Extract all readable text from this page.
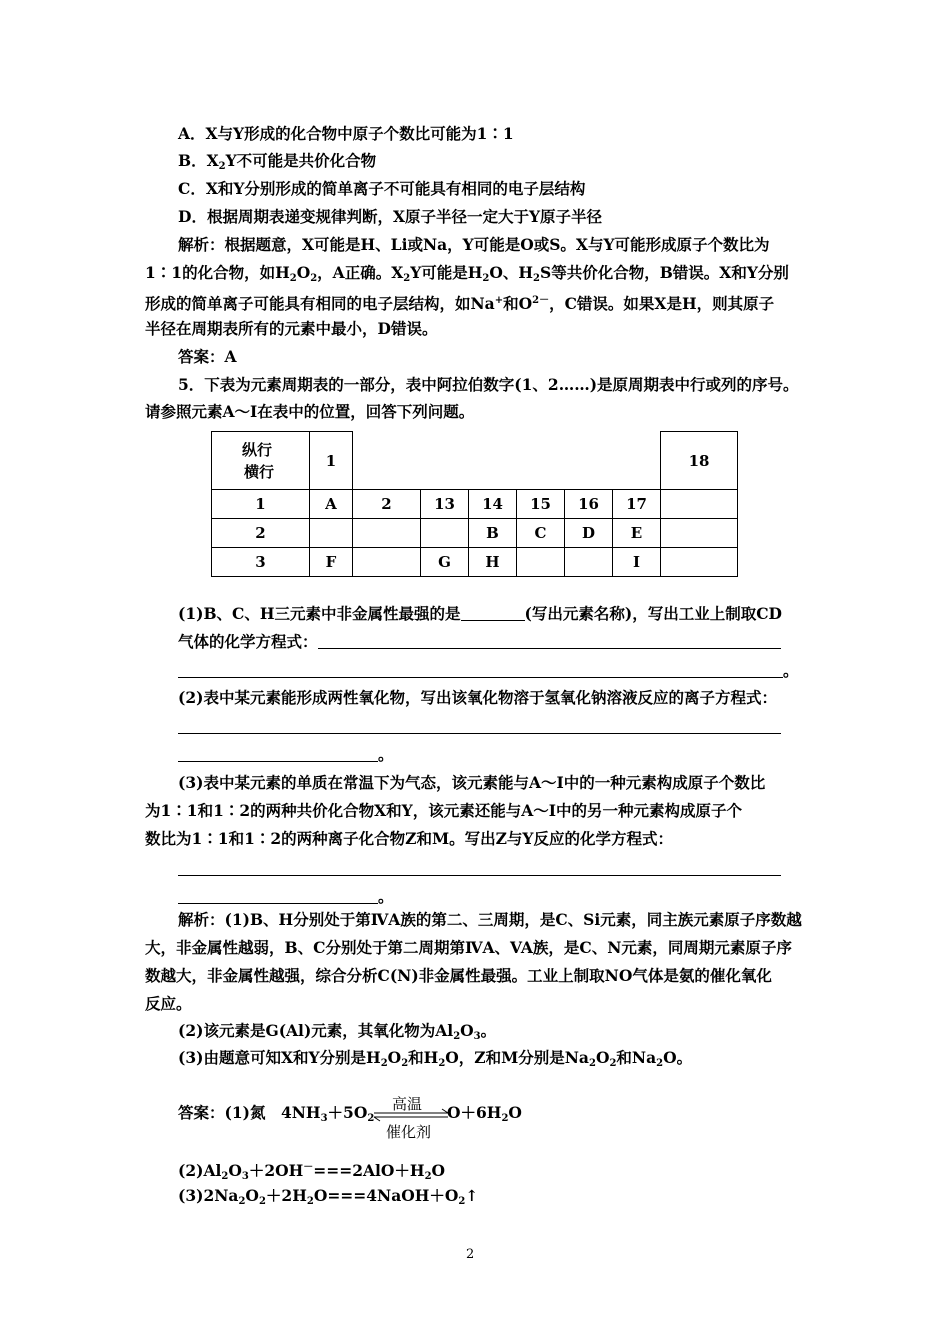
A．X与Y形成的化合物中原子个数比可能为1∶1
B．$X_2Y$不可能是共价化合物
C．X和Y分别形成的简单离子不可能具有相同的电子层结构
D．根据周期表递变规律判断，X原子半径一定大于Y原子半径
解析：根据题意，X可能是H、Li或Na，Y可能是O或S。X与Y可能形成原子个数比为
1∶1的化合物，如$H_2O_2$，A正确。$X_2Y$可能是$H_2O$、$H_2S$等共价化合物，B错误。X和Y分别
形成的简单离子可能具有相同的电子层结构，如Na+和$O^{2-}$，C错误。如果X是H，则其原子
半径在周期表所有的元素中最小，D错误。
答案：A
5．下表为元素周期表的一部分，表中阿拉伯数字(1、2……)是原周期表中行或列的序号。
请参照元素A～I在表中的位置，回答下列问题。
纵行
横行	1							18
1	A	2	13	14	15	16	17	
2				B	C	D	E	
3	F		G	H			I	
(1)B、C、H三元素中非金属性最强的是	(写出元素名称)，写出工业上制取CD
气体的化学方程式：
。
(2)表中某元素能形成两性氧化物，写出该氧化物溶于氢氧化钠溶液反应的离子方程式：
。
(3)表中某元素的单质在常温下为气态，该元素能与A～I中的一种元素构成原子个数比
为1∶1和1∶2的两种共价化合物X和Y，该元素还能与A～I中的另一种元素构成原子个
数比为1∶1和1∶2的两种离子化合物Z和M。写出Z与Y反应的化学方程式：
。
解析：(1)B、H分别处于第ⅣA族的第二、三周期，是C、Si元素，同主族元素原子序数越
大，非金属性越弱，B、C分别处于第二周期第ⅣA、VA族，是C、N元素，同周期元素原子序
数越大，非金属性越强，综合分析C(N)非金属性最强。工业上制取NO气体是氨的催化氧化
反应。
(2)该元素是G(Al)元素，其氧化物为$Al_2O_3$。
(3)由题意可知X和Y分别是$H_2O_2$和$H_2O$，Z和M分别是$Na_2O_2$和$Na_2O$。
答案：(1)氮　$4NH_3+5O_2$
高温
催化剂
$O+6H_2O$
$(2)Al_2O_3+2OH^-===2AlO+H_2O$
$(3)2Na_2O_2+2H_2O===4NaOH+O_2↑$
2
